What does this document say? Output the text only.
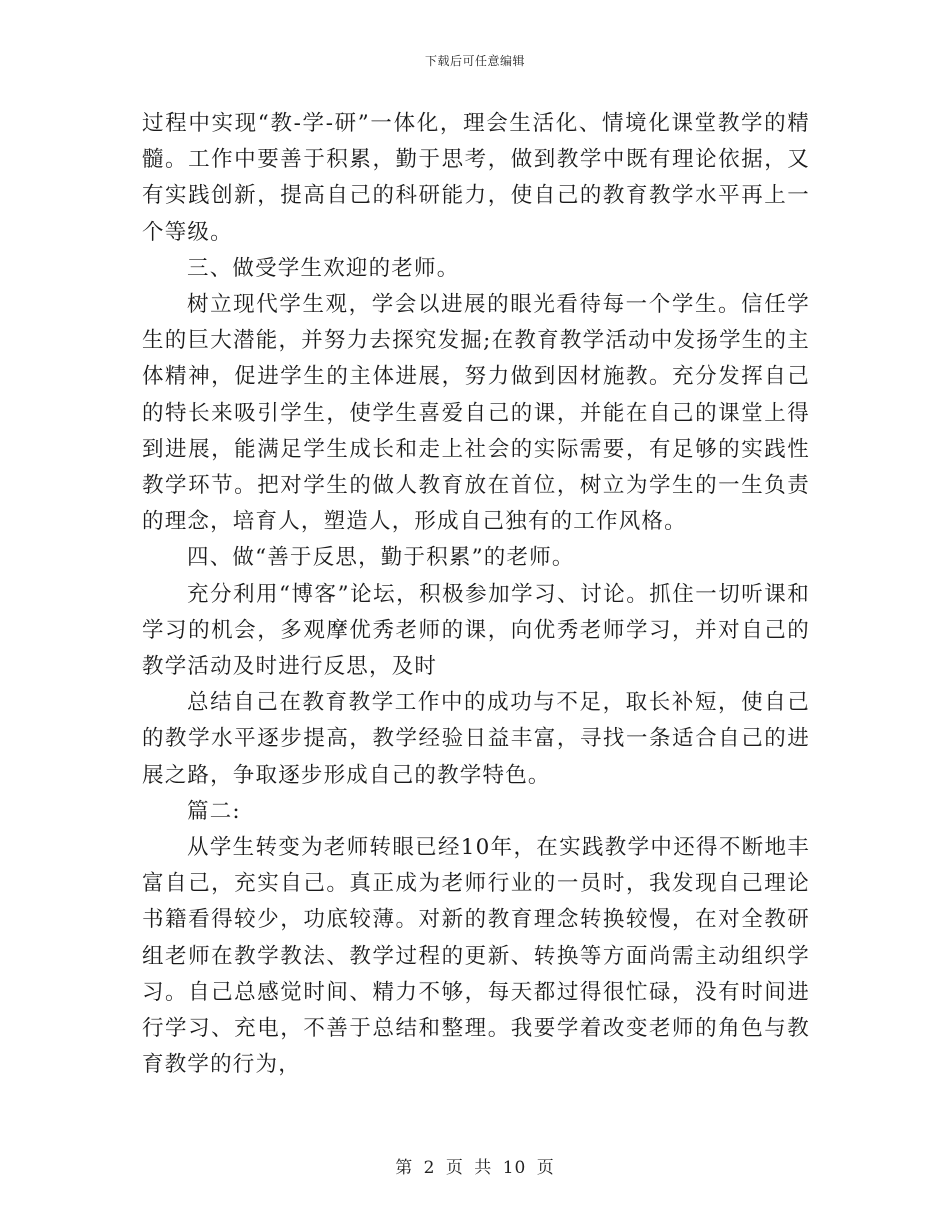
下载后可任意编辑

过程中实现“教-学-研”一体化，理会生活化、情境化课堂教学的精髓。工作中要善于积累，勤于思考，做到教学中既有理论依据，又有实践创新，提高自己的科研能力，使自己的教育教学水平再上一个等级。

三、做受学生欢迎的老师。

树立现代学生观，学会以进展的眼光看待每一个学生。信任学生的巨大潜能，并努力去探究发掘;在教育教学活动中发扬学生的主体精神，促进学生的主体进展，努力做到因材施教。充分发挥自己的特长来吸引学生，使学生喜爱自己的课，并能在自己的课堂上得到进展，能满足学生成长和走上社会的实际需要，有足够的实践性教学环节。把对学生的做人教育放在首位，树立为学生的一生负责的理念，培育人，塑造人，形成自己独有的工作风格。

四、做“善于反思，勤于积累”的老师。

充分利用“博客”论坛，积极参加学习、讨论。抓住一切听课和学习的机会，多观摩优秀老师的课，向优秀老师学习，并对自己的教学活动及时进行反思，及时

总结自己在教育教学工作中的成功与不足，取长补短，使自己的教学水平逐步提高，教学经验日益丰富，寻找一条适合自己的进展之路，争取逐步形成自己的教学特色。

篇二:

从学生转变为老师转眼已经10年，在实践教学中还得不断地丰富自己，充实自己。真正成为老师行业的一员时，我发现自己理论书籍看得较少，功底较薄。对新的教育理念转换较慢，在对全教研组老师在教学教法、教学过程的更新、转换等方面尚需主动组织学习。自己总感觉时间、精力不够，每天都过得很忙碌，没有时间进行学习、充电，不善于总结和整理。我要学着改变老师的角色与教育教学的行为，

第 2 页 共 10 页
